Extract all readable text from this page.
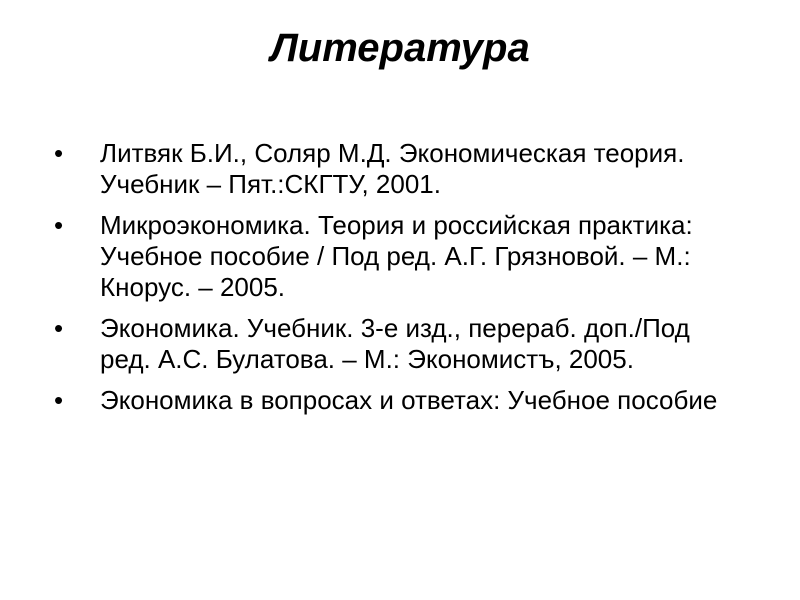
Литература
•	Литвяк Б.И., Соляр М.Д. Экономическая теория. Учебник – Пят.:СКГТУ, 2001.
•	Микроэкономика. Теория и российская практика: Учебное пособие / Под ред. А.Г. Грязновой. – М.: Кнорус. – 2005.
•	Экономика. Учебник. 3-е изд., перераб. доп./Под ред. А.С. Булатова. – М.: Экономистъ, 2005.
•	Экономика в вопросах и ответах: Учебное пособие
